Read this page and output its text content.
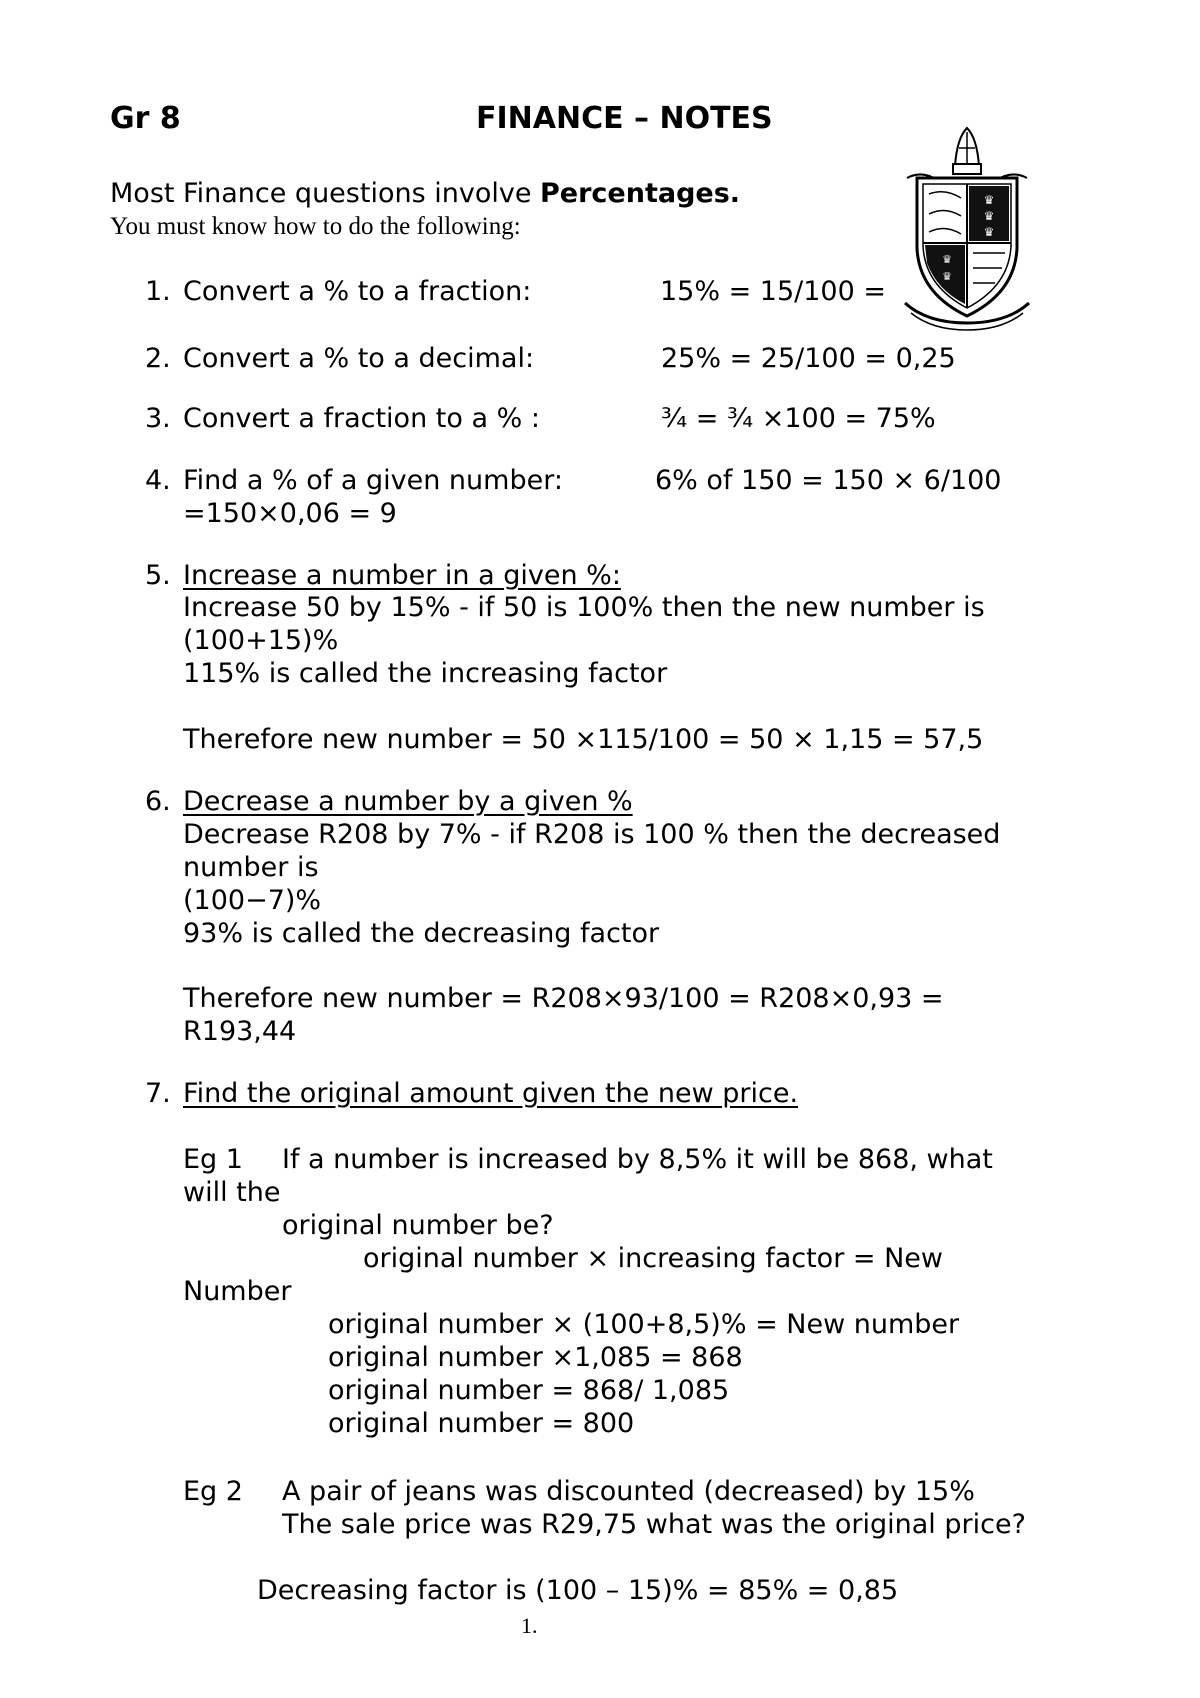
Gr 8	FINANCE – NOTES
♛
♛
♛
♛
♛
Most Finance questions involve Percentages.
You must know how to do the following:
1. Convert a % to a fraction:	15% = 15/100 =
2. Convert a % to a decimal:	25% = 25/100 = 0,25
3. Convert a fraction to a % :	¾ = ¾ ×100 = 75%
4. Find a % of a given number:	6% of 150 = 150 × 6/100
=150×0,06 = 9
5. Increase a number in a given %:
Increase 50 by 15% - if 50 is 100% then the new number is
(100+15)%
115% is called the increasing factor
Therefore new number = 50 ×115/100 = 50 × 1,15 = 57,5
6. Decrease a number by a given %
Decrease R208 by 7% - if R208 is 100 % then the decreased
number is
(100−7)%
93% is called the decreasing factor
Therefore new number = R208×93/100 = R208×0,93 =
R193,44
7. Find the original amount given the new price.
Eg 1 If a number is increased by 8,5% it will be 868, what
will the
original number be?
original number × increasing factor = New
Number
original number × (100+8,5)% = New number
original number ×1,085 = 868
original number = 868/ 1,085
original number = 800
Eg 2 A pair of jeans was discounted (decreased) by 15%
The sale price was R29,75 what was the original price?
Decreasing factor is (100 – 15)% = 85% = 0,85
1.
